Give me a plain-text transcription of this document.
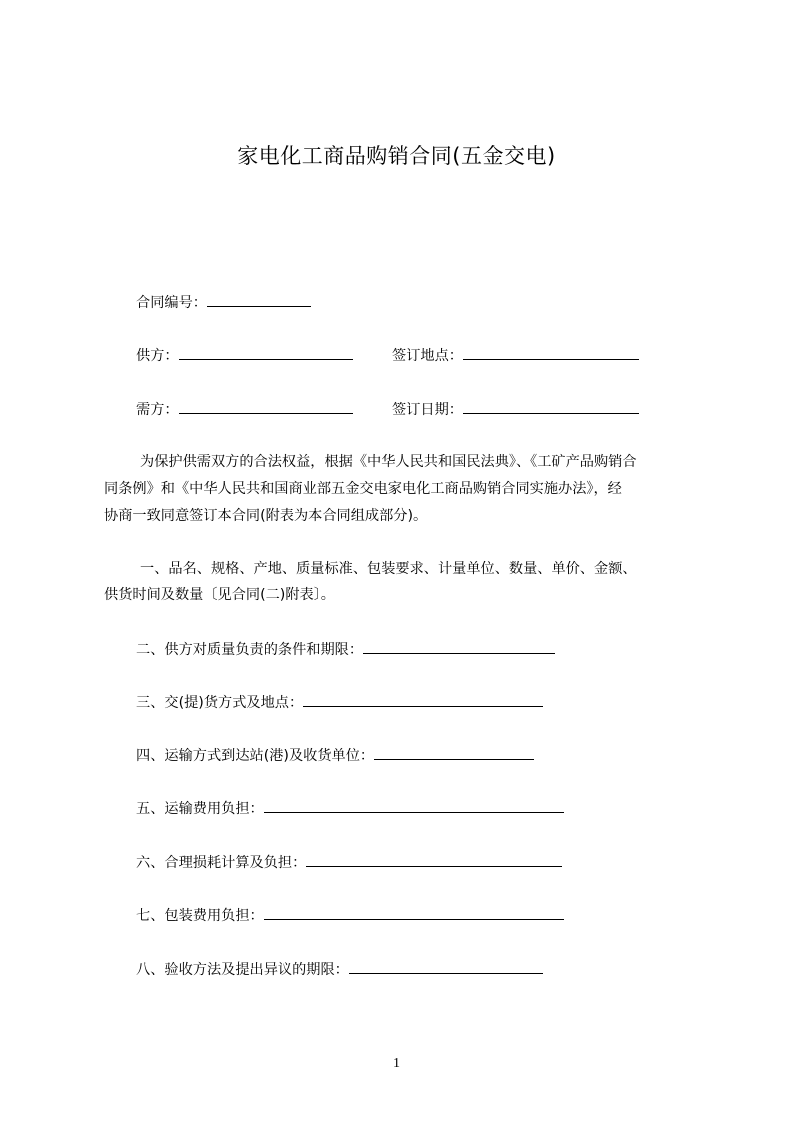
家电化工商品购销合同(五金交电)
合同编号：
供方：	签订地点：
需方：	签订日期：
为保护供需双方的合法权益，根据《中华人民共和国民法典》、《工矿产品购销合
同条例》和《中华人民共和国商业部五金交电家电化工商品购销合同实施办法》，经
协商一致同意签订本合同(附表为本合同组成部分)。
一、品名、规格、产地、质量标准、包装要求、计量单位、数量、单价、金额、
供货时间及数量〔见合同(二)附表〕。
二、供方对质量负责的条件和期限：
三、交(提)货方式及地点：
四、运输方式到达站(港)及收货单位：
五、运输费用负担：
六、合理损耗计算及负担：
七、包装费用负担：
八、验收方法及提出异议的期限：
1
